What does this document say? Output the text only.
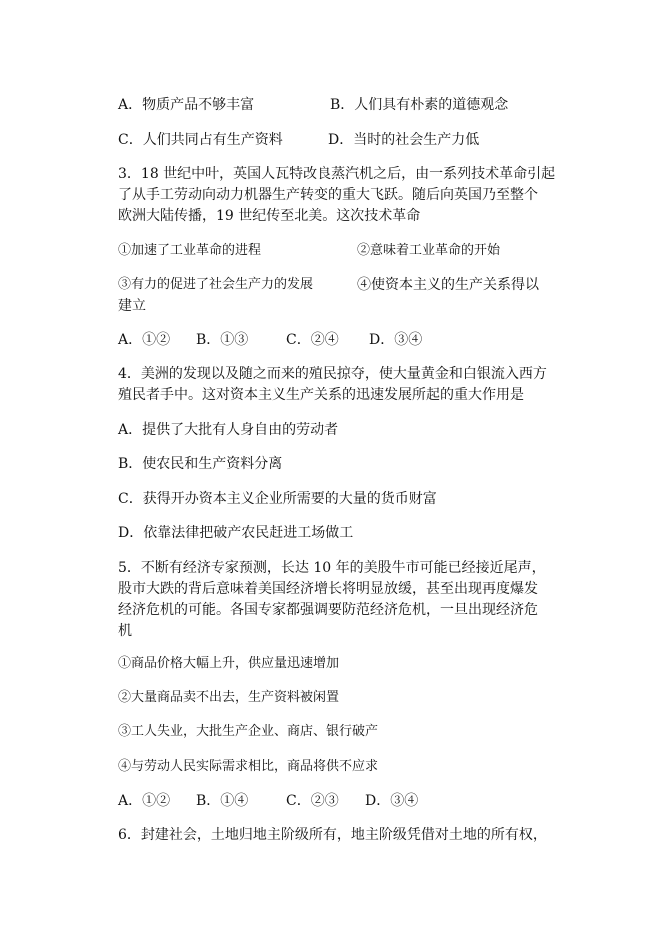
A．物质产品不够丰富	B．人们具有朴素的道德观念
C．人们共同占有生产资料	D．当时的社会生产力低
3．18 世纪中叶，英国人瓦特改良蒸汽机之后，由一系列技术革命引起
了从手工劳动向动力机器生产转变的重大飞跃。随后向英国乃至整个
欧洲大陆传播，19 世纪传至北美。这次技术革命
①加速了工业革命的进程	②意味着工业革命的开始
③有力的促进了社会生产力的发展	④使资本主义的生产关系得以
建立
A．①② B．①③	C．②④ D．③④
4．美洲的发现以及随之而来的殖民掠夺，使大量黄金和白银流入西方
殖民者手中。这对资本主义生产关系的迅速发展所起的重大作用是
A．提供了大批有人身自由的劳动者
B．使农民和生产资料分离
C．获得开办资本主义企业所需要的大量的货币财富
D．依靠法律把破产农民赶进工场做工
5．不断有经济专家预测，长达 10 年的美股牛市可能已经接近尾声，
股市大跌的背后意味着美国经济增长将明显放缓，甚至出现再度爆发
经济危机的可能。各国专家都强调要防范经济危机，一旦出现经济危
机
①商品价格大幅上升，供应量迅速增加
②大量商品卖不出去，生产资料被闲置
③工人失业，大批生产企业、商店、银行破产
④与劳动人民实际需求相比，商品将供不应求
A．①② B．①④	C．②③ D．③④
6．封建社会，土地归地主阶级所有，地主阶级凭借对土地的所有权，
